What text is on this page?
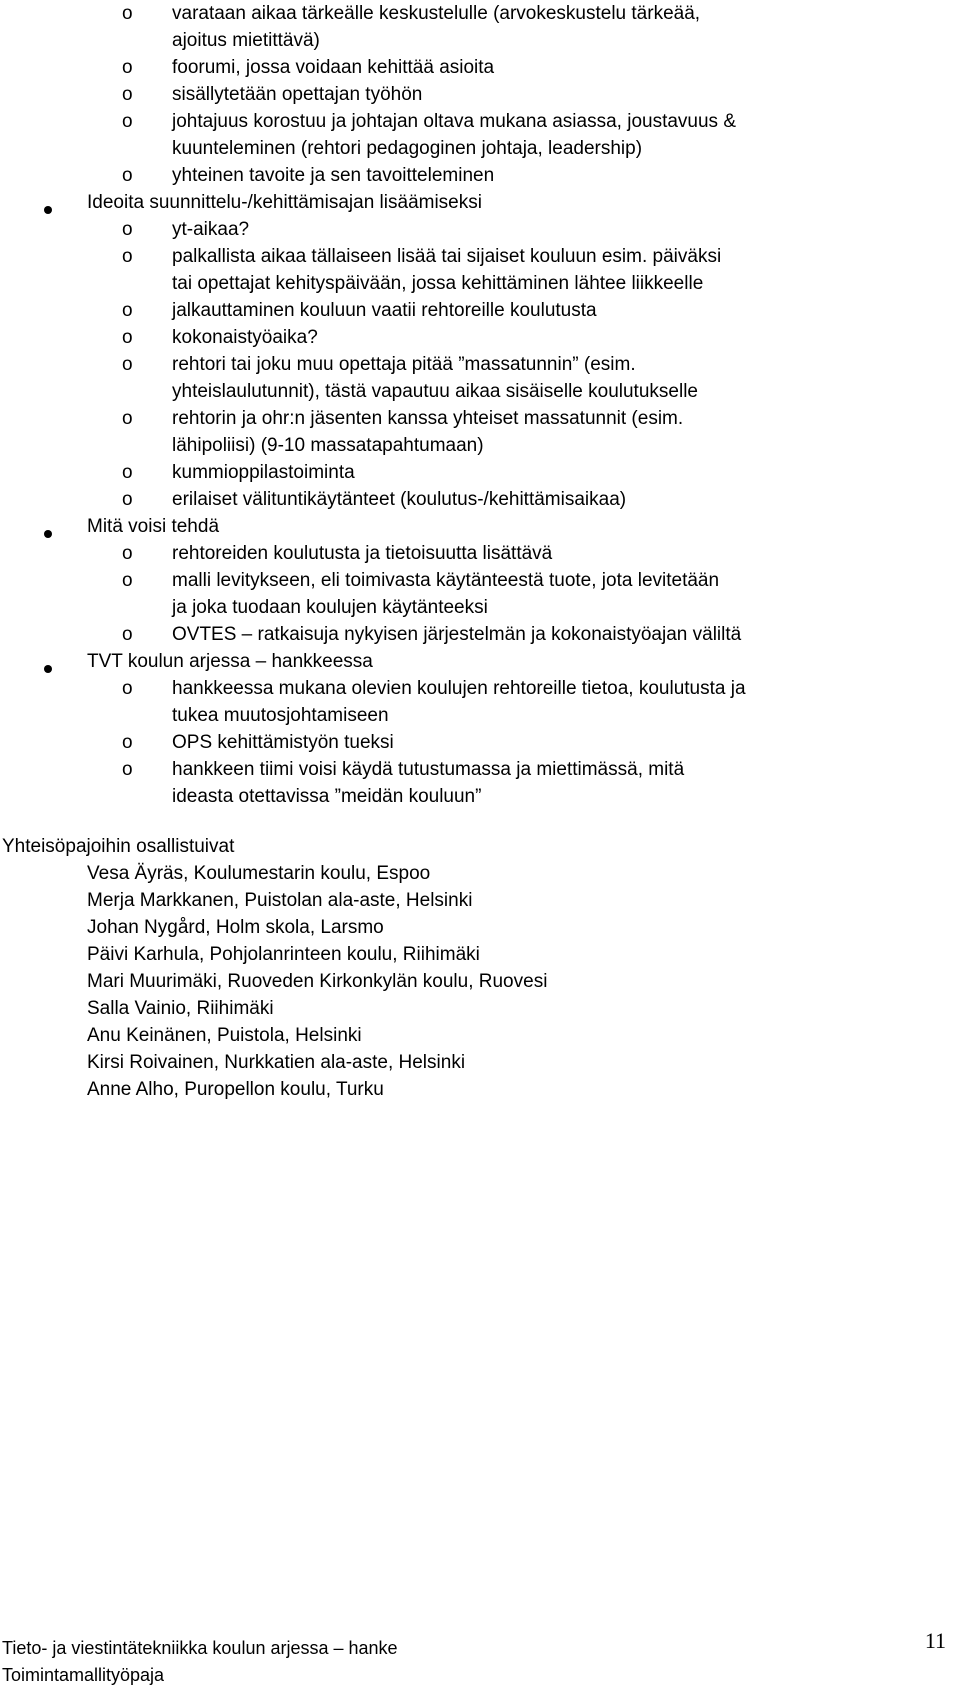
o varataan aikaa tärkeälle keskustelulle (arvokeskustelu tärkeää,
ajoitus mietittävä)
o foorumi, jossa voidaan kehittää asioita
o sisällytetään opettajan työhön
o johtajuus korostuu ja johtajan oltava mukana asiassa, joustavuus &
kuunteleminen (rehtori pedagoginen johtaja, leadership)
o yhteinen tavoite ja sen tavoitteleminen
Ideoita suunnittelu-/kehittämisajan lisäämiseksi
o yt-aikaa?
o palkallista aikaa tällaiseen lisää tai sijaiset kouluun esim. päiväksi
tai opettajat kehityspäivään, jossa kehittäminen lähtee liikkeelle
o jalkauttaminen kouluun vaatii rehtoreille koulutusta
o kokonaistyöaika?
o rehtori tai joku muu opettaja pitää ”massatunnin” (esim.
yhteislaulutunnit), tästä vapautuu aikaa sisäiselle koulutukselle
o rehtorin ja ohr:n jäsenten kanssa yhteiset massatunnit (esim.
lähipoliisi) (9-10 massatapahtumaan)
o kummioppilastoiminta
o erilaiset välituntikäytänteet (koulutus-/kehittämisaikaa)
Mitä voisi tehdä
o rehtoreiden koulutusta ja tietoisuutta lisättävä
o malli levitykseen, eli toimivasta käytänteestä tuote, jota levitetään
ja joka tuodaan koulujen käytänteeksi
o OVTES – ratkaisuja nykyisen järjestelmän ja kokonaistyöajan väliltä
TVT koulun arjessa – hankkeessa
o hankkeessa mukana olevien koulujen rehtoreille tietoa, koulutusta ja
tukea muutosjohtamiseen
o OPS kehittämistyön tueksi
o hankkeen tiimi voisi käydä tutustumassa ja miettimässä, mitä
ideasta otettavissa ”meidän kouluun”
Yhteisöpajoihin osallistuivat
Vesa Äyräs, Koulumestarin koulu, Espoo
Merja Markkanen, Puistolan ala-aste, Helsinki
Johan Nygård, Holm skola, Larsmo
Päivi Karhula, Pohjolanrinteen koulu, Riihimäki
Mari Muurimäki, Ruoveden Kirkonkylän koulu, Ruovesi
Salla Vainio, Riihimäki
Anu Keinänen, Puistola, Helsinki
Kirsi Roivainen, Nurkkatien ala-aste, Helsinki
Anne Alho, Puropellon koulu, Turku
Tieto- ja viestintätekniikka koulun arjessa – hanke
Toimintamallityöpaja
11
